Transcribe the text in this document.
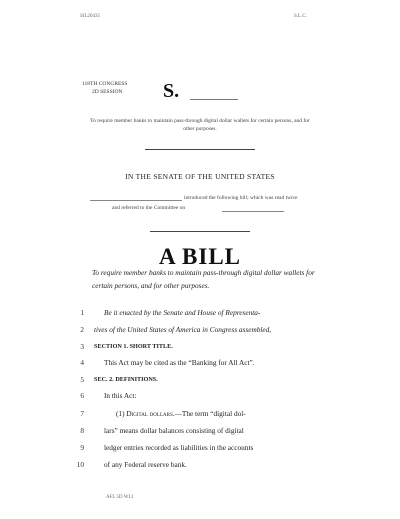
SIL20435	S.L.C.
118TH CONGRESS
2D SESSION S.
To require member banks to maintain pass-through digital dollar wallets for certain persons, and for other purposes.
IN THE SENATE OF THE UNITED STATES
introduced the following bill; which was read twice
and referred to the Committee on
A BILL
To require member banks to maintain pass-through digital dollar wallets for certain persons, and for other purposes.
1	Be it enacted by the Senate and House of Representa-
2 tives of the United States of America in Congress assembled,
3 SECTION 1. SHORT TITLE.
4	This Act may be cited as the “Banking for All Act”.
5 SEC. 2. DEFINITIONS.
6	In this Act:
7	(1) Digital dollars.—The term “digital dol-
8	lars” means dollar balances consisting of digital
9	ledger entries recorded as liabilities in the accounts
10	of any Federal reserve bank.
AFL 5D WL1
